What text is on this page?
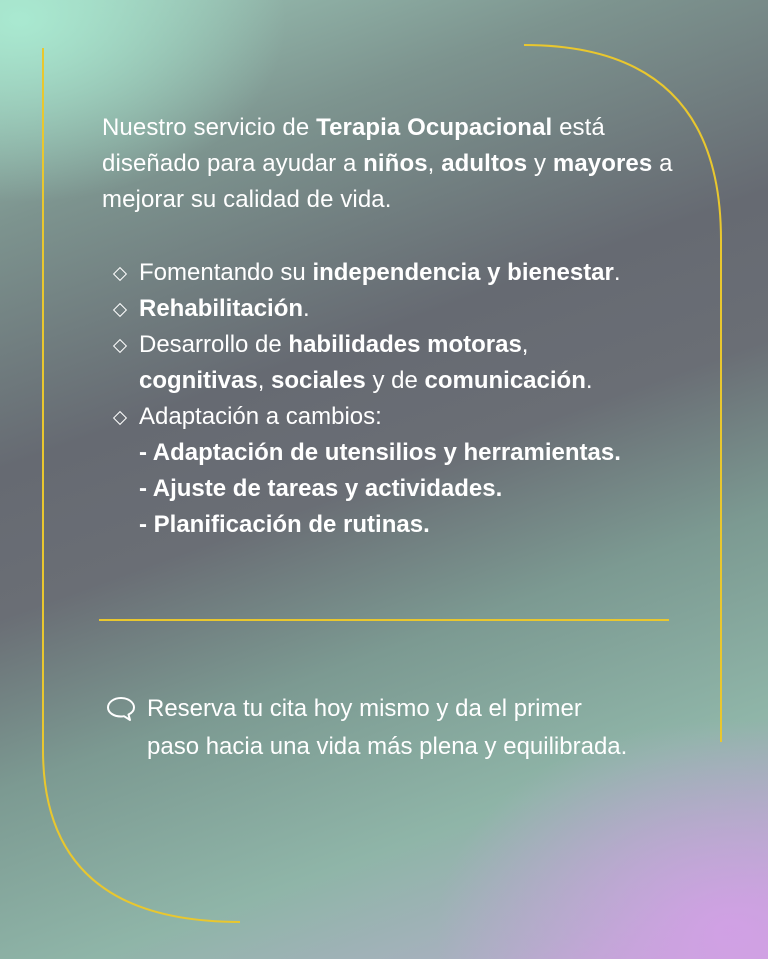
Nuestro servicio de Terapia Ocupacional está diseñado para ayudar a niños, adultos y mayores a mejorar su calidad de vida.
Fomentando su independencia y bienestar.
Rehabilitación.
Desarrollo de habilidades motoras,
cognitivas, sociales y de comunicación.
Adaptación a cambios:
- Adaptación de utensilios y herramientas.
- Ajuste de tareas y actividades.
- Planificación de rutinas.
Reserva tu cita hoy mismo y da el primer
paso hacia una vida más plena y equilibrada.
